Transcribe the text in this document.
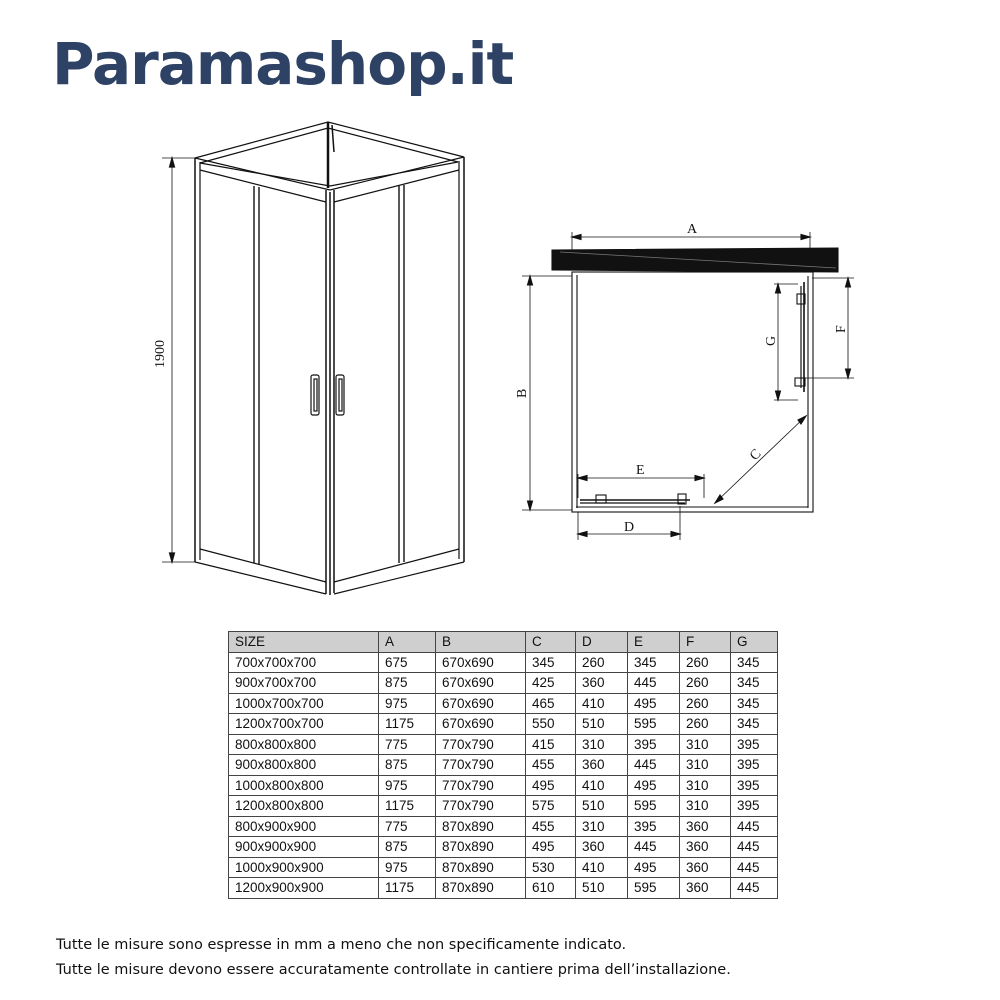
Paramashop.it
1900
A
B
C
D
E
F
G
SIZE	A	B	C	D	E	F	G
700x700x700	675	670x690	345	260	345	260	345
900x700x700	875	670x690	425	360	445	260	345
1000x700x700	975	670x690	465	410	495	260	345
1200x700x700	1175	670x690	550	510	595	260	345
800x800x800	775	770x790	415	310	395	310	395
900x800x800	875	770x790	455	360	445	310	395
1000x800x800	975	770x790	495	410	495	310	395
1200x800x800	1175	770x790	575	510	595	310	395
800x900x900	775	870x890	455	310	395	360	445
900x900x900	875	870x890	495	360	445	360	445
1000x900x900	975	870x890	530	410	495	360	445
1200x900x900	1175	870x890	610	510	595	360	445

Tutte le misure sono espresse in mm a meno che non specificamente indicato.

Tutte le misure devono essere accuratamente controllate in cantiere prima dell’installazione.
